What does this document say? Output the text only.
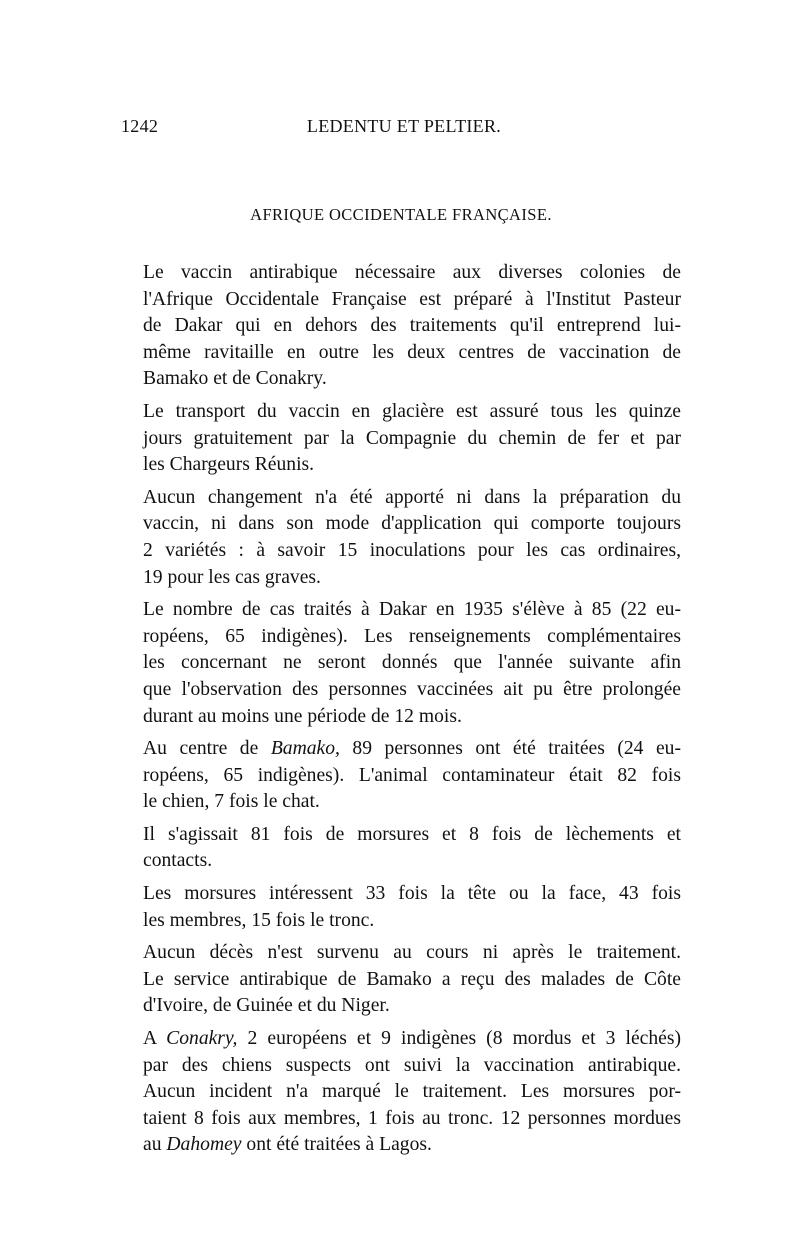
1242	LEDENTU ET PELTIER.
AFRIQUE OCCIDENTALE FRANÇAISE.

Le vaccin antirabique nécessaire aux diverses colonies de
l'Afrique Occidentale Française est préparé à l'Institut Pasteur
de Dakar qui en dehors des traitements qu'il entreprend lui-
même ravitaille en outre les deux centres de vaccination de
Bamako et de Conakry.

Le transport du vaccin en glacière est assuré tous les quinze
jours gratuitement par la Compagnie du chemin de fer et par
les Chargeurs Réunis.

Aucun changement n'a été apporté ni dans la préparation du
vaccin, ni dans son mode d'application qui comporte toujours
2 variétés : à savoir 15 inoculations pour les cas ordinaires,
19 pour les cas graves.

Le nombre de cas traités à Dakar en 1935 s'élève à 85 (22 eu-
ropéens, 65 indigènes). Les renseignements complémentaires
les concernant ne seront donnés que l'année suivante afin
que l'observation des personnes vaccinées ait pu être prolongée
durant au moins une période de 12 mois.

Au centre de Bamako, 89 personnes ont été traitées (24 eu-
ropéens, 65 indigènes). L'animal contaminateur était 82 fois
le chien, 7 fois le chat.

Il s'agissait 81 fois de morsures et 8 fois de lèchements et
contacts.

Les morsures intéressent 33 fois la tête ou la face, 43 fois
les membres, 15 fois le tronc.

Aucun décès n'est survenu au cours ni après le traitement.
Le service antirabique de Bamako a reçu des malades de Côte
d'Ivoire, de Guinée et du Niger.

A Conakry, 2 européens et 9 indigènes (8 mordus et 3 léchés)
par des chiens suspects ont suivi la vaccination antirabique.
Aucun incident n'a marqué le traitement. Les morsures por-
taient 8 fois aux membres, 1 fois au tronc. 12 personnes mordues
au Dahomey ont été traitées à Lagos.
